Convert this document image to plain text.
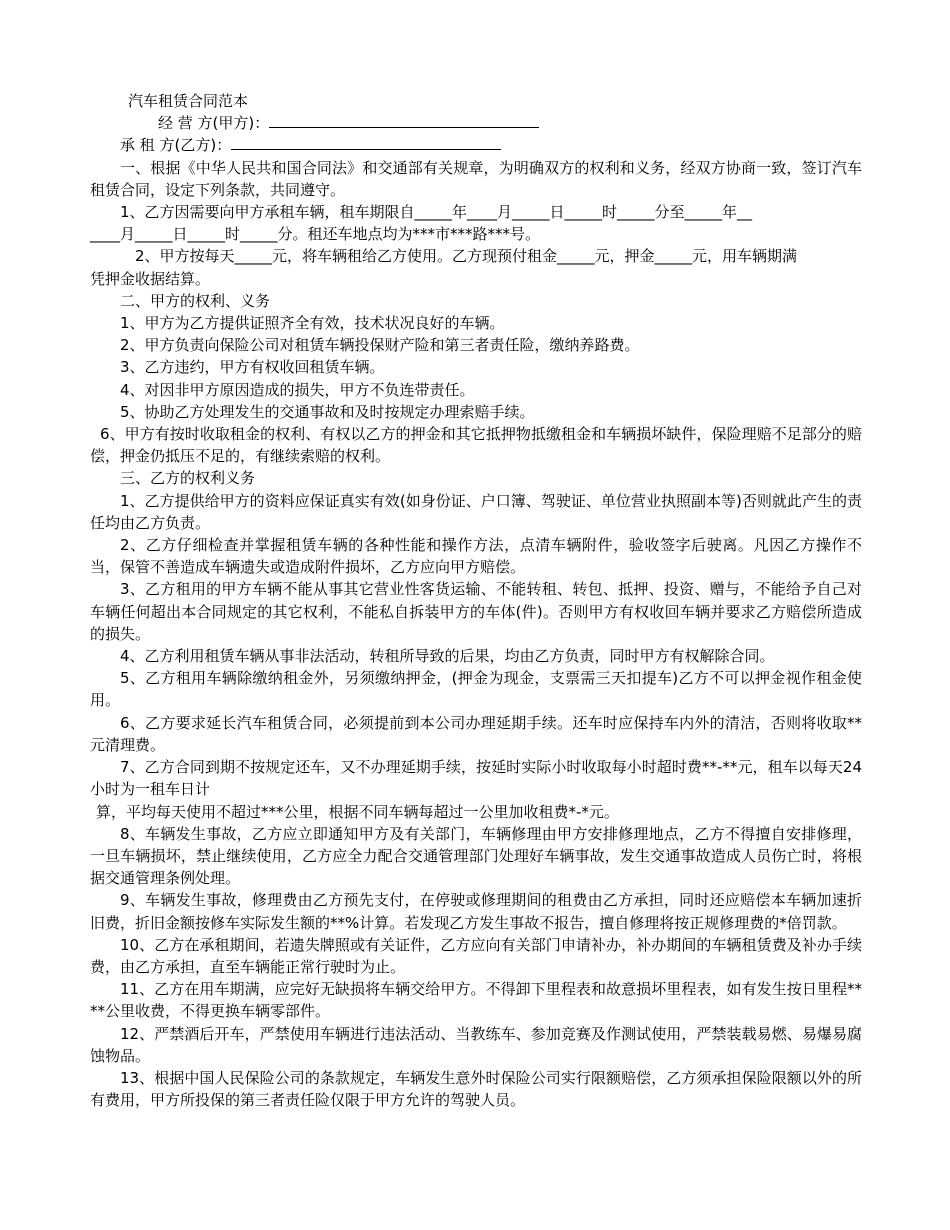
汽车租赁合同范本
经 营 方(甲方)：
承 租 方(乙方)：
一、根据《中华人民共和国合同法》和交通部有关规章，为明确双方的权利和义务，经双方协商一致，签订汽车租赁合同，设定下列条款，共同遵守。
1、乙方因需要向甲方承租车辆，租车期限自_____年____月_____日_____时_____分至_____年__
____月_____日_____时_____分。租还车地点均为***市***路***号。
2、甲方按每天_____元，将车辆租给乙方使用。乙方现预付租金_____元，押金_____元，用车辆期满
凭押金收据结算。
二、甲方的权利、义务
1、甲方为乙方提供证照齐全有效，技术状况良好的车辆。
2、甲方负责向保险公司对租赁车辆投保财产险和第三者责任险，缴纳养路费。
3、乙方违约，甲方有权收回租赁车辆。
4、对因非甲方原因造成的损失，甲方不负连带责任。
5、协助乙方处理发生的交通事故和及时按规定办理索赔手续。
6、甲方有按时收取租金的权利、有权以乙方的押金和其它抵押物抵缴租金和车辆损坏缺件，保险理赔不足部分的赔偿，押金仍抵压不足的，有继续索赔的权利。
三、乙方的权利义务
1、乙方提供给甲方的资料应保证真实有效(如身份证、户口簿、驾驶证、单位营业执照副本等)否则就此产生的责任均由乙方负责。
2、乙方仔细检查并掌握租赁车辆的各种性能和操作方法，点清车辆附件，验收签字后驶离。凡因乙方操作不当，保管不善造成车辆遗失或造成附件损坏，乙方应向甲方赔偿。
3、乙方租用的甲方车辆不能从事其它营业性客货运输、不能转租、转包、抵押、投资、赠与，不能给予自己对车辆任何超出本合同规定的其它权利，不能私自拆装甲方的车体(件)。否则甲方有权收回车辆并要求乙方赔偿所造成的损失。
4、乙方利用租赁车辆从事非法活动，转租所导致的后果，均由乙方负责，同时甲方有权解除合同。
5、乙方租用车辆除缴纳租金外，另须缴纳押金，(押金为现金，支票需三天扣提车)乙方不可以押金视作租金使用。
6、乙方要求延长汽车租赁合同，必须提前到本公司办理延期手续。还车时应保持车内外的清洁，否则将收取**元清理费。
7、乙方合同到期不按规定还车，又不办理延期手续，按延时实际小时收取每小时超时费**-**元，租车以每天24小时为一租车日计
算，平均每天使用不超过***公里，根据不同车辆每超过一公里加收租费*-*元。
8、车辆发生事故，乙方应立即通知甲方及有关部门，车辆修理由甲方安排修理地点，乙方不得擅自安排修理，一旦车辆损坏，禁止继续使用，乙方应全力配合交通管理部门处理好车辆事故，发生交通事故造成人员伤亡时，将根据交通管理条例处理。
9、车辆发生事故，修理费由乙方预先支付，在停驶或修理期间的租费由乙方承担，同时还应赔偿本车辆加速折旧费，折旧金额按修车实际发生额的**%计算。若发现乙方发生事故不报告，擅自修理将按正规修理费的*倍罚款。
10、乙方在承租期间，若遗失牌照或有关证件，乙方应向有关部门申请补办，补办期间的车辆租赁费及补办手续费，由乙方承担，直至车辆能正常行驶时为止。
11、乙方在用车期满，应完好无缺损将车辆交给甲方。不得卸下里程表和故意损坏里程表，如有发生按日里程****公里收费，不得更换车辆零部件。
12、严禁酒后开车，严禁使用车辆进行违法活动、当教练车、参加竞赛及作测试使用，严禁装载易燃、易爆易腐蚀物品。
13、根据中国人民保险公司的条款规定，车辆发生意外时保险公司实行限额赔偿，乙方须承担保险限额以外的所有费用，甲方所投保的第三者责任险仅限于甲方允许的驾驶人员。
